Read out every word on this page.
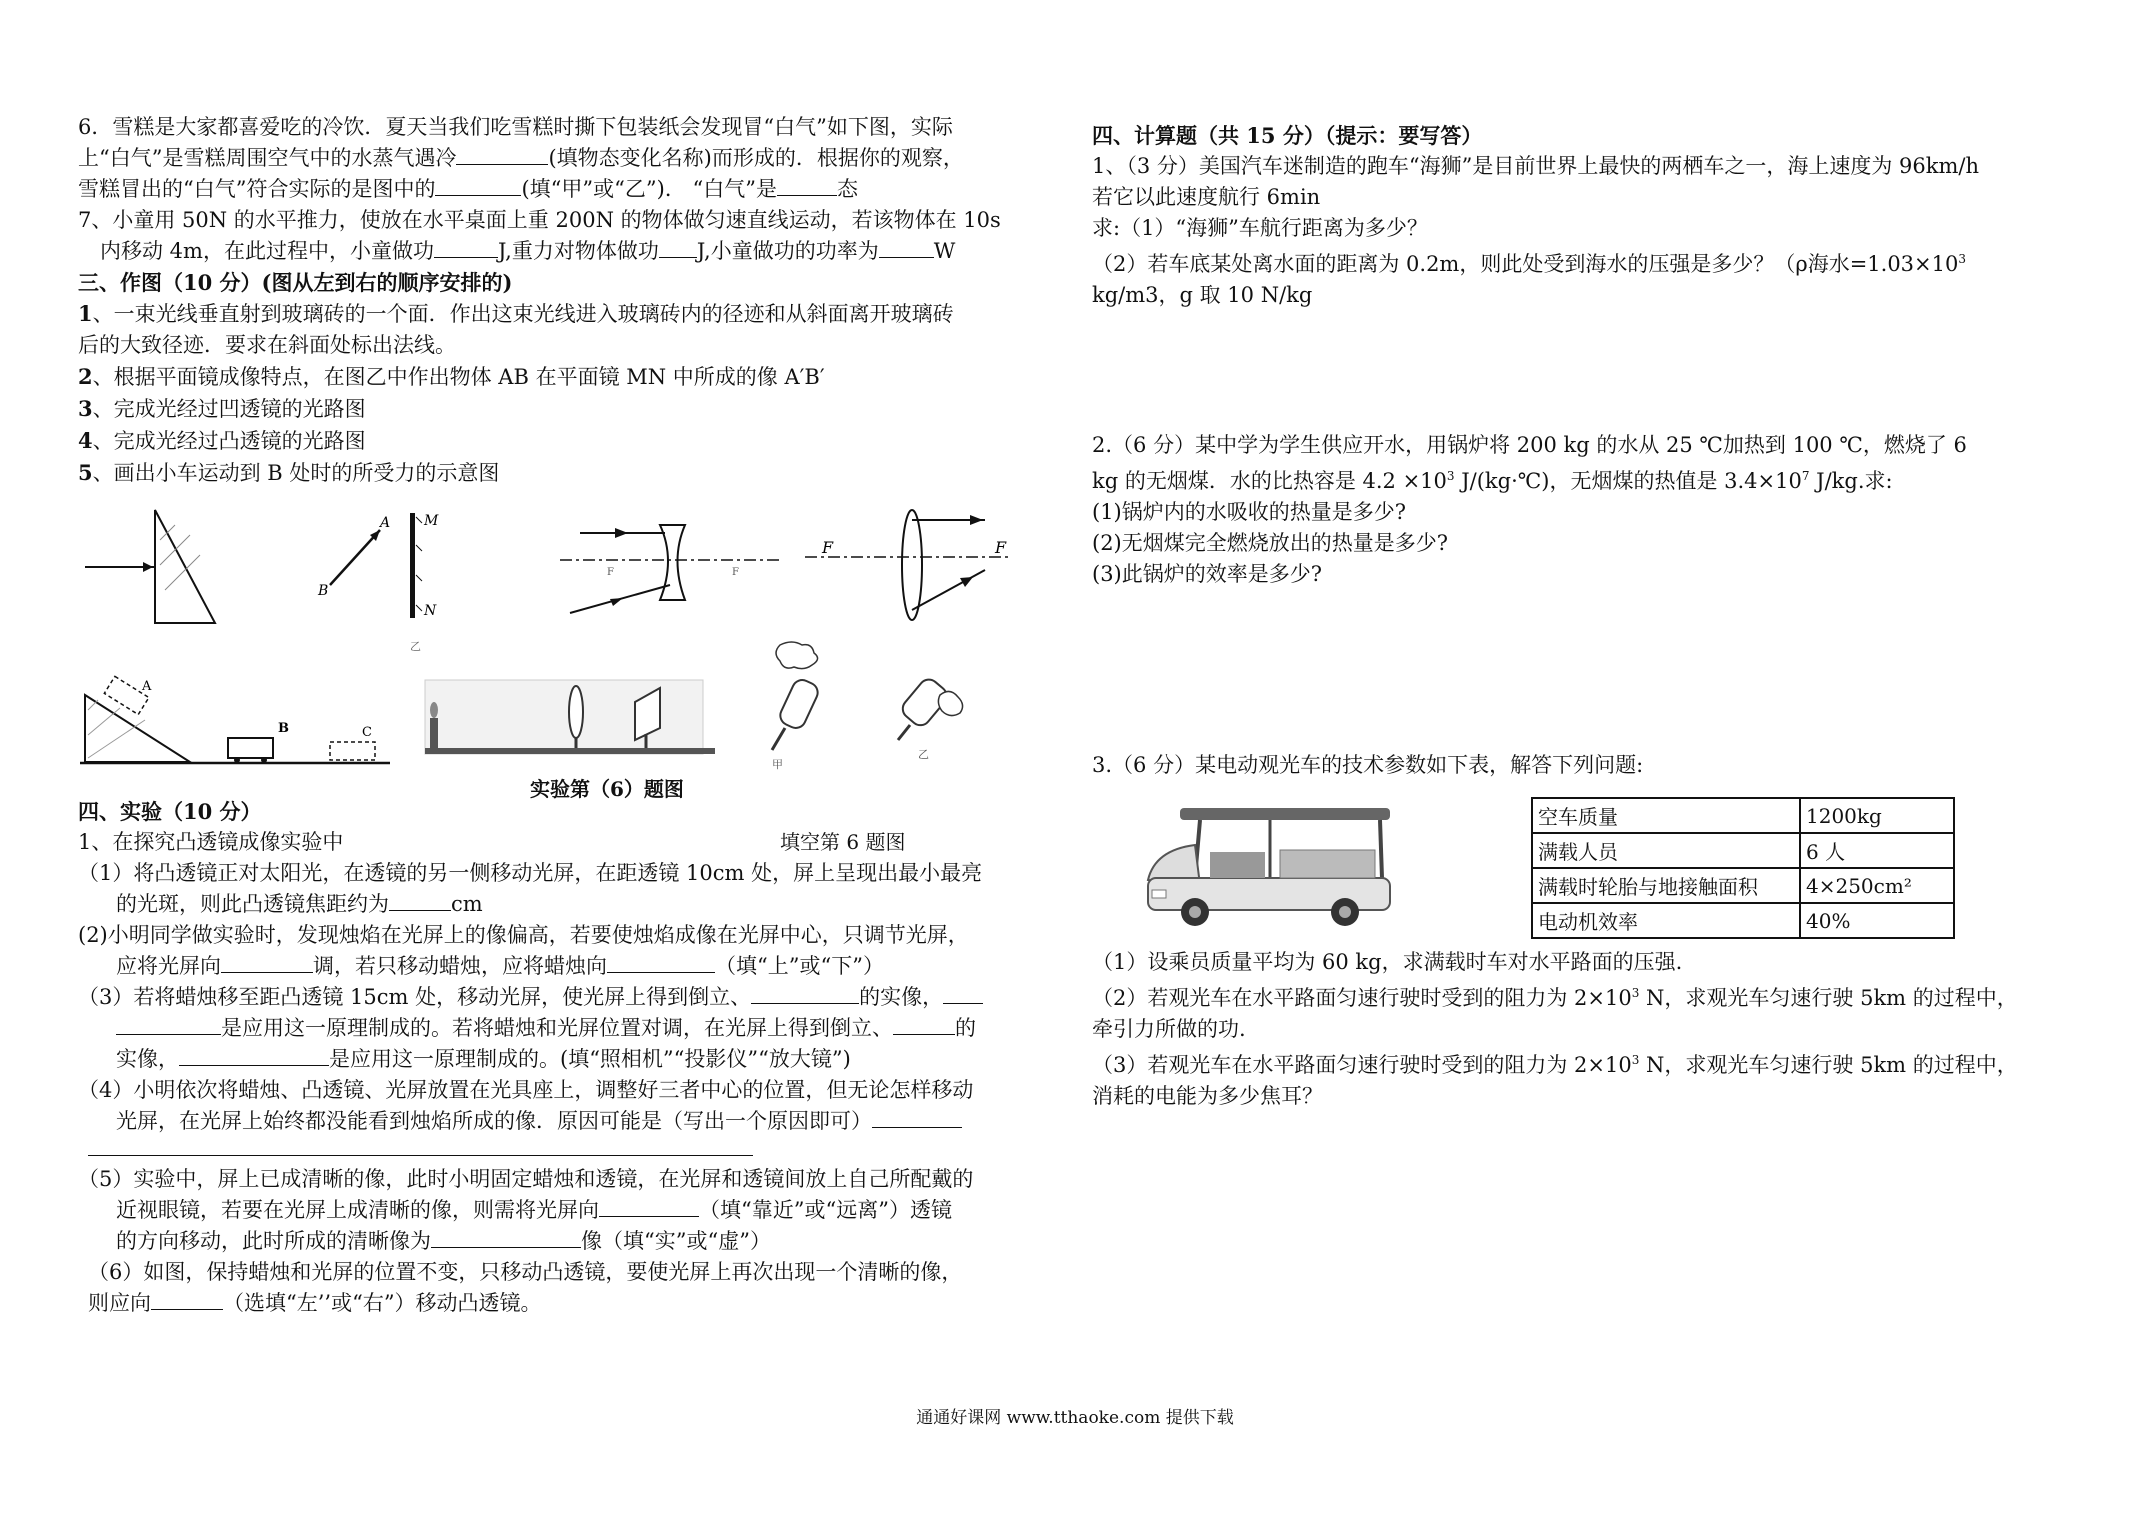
6．雪糕是大家都喜爱吃的冷饮．夏天当我们吃雪糕时撕下包装纸会发现冒“白气”如下图，实际

上“白气”是雪糕周围空气中的水蒸气遇冷	(填物态变化名称)而形成的．根据你的观察，

雪糕冒出的“白气”符合实际的是图中的	(填“甲”或“乙”)． “白气”是	态

7、小童用 50N 的水平推力，使放在水平桌面上重 200N 的物体做匀速直线运动，若该物体在 10s

内移动 4m，在此过程中，小童做功	J,重力对物体做功 J,小童做功的功率为	W

三、作图（10 分）(图从左到右的顺序安排的)

1、一束光线垂直射到玻璃砖的一个面．作出这束光线进入玻璃砖内的径迹和从斜面离开玻璃砖

后的大致径迹．要求在斜面处标出法线。

2、根据平面镜成像特点，在图乙中作出物体 AB 在平面镜 MN 中所成的像 A′B′

3、完成光经过凹透镜的光路图

4、完成光经过凸透镜的光路图

5、画出小车运动到 B 处时的所受力的示意图

A
B
M
N
乙
F	F
F	F
A
B	C
甲
乙
实验第（6）题图
填空第 6 题图

四、实验（10 分）

1、在探究凸透镜成像实验中

（1）将凸透镜正对太阳光，在透镜的另一侧移动光屏，在距透镜 10cm 处，屏上呈现出最小最亮

的光斑，则此凸透镜焦距约为	cm

(2)小明同学做实验时，发现烛焰在光屏上的像偏高，若要使烛焰成像在光屏中心，只调节光屏，

应将光屏向	调，若只移动蜡烛，应将蜡烛向	（填“上”或“下”）

（3）若将蜡烛移至距凸透镜 15cm 处，移动光屏，使光屏上得到倒立、	的实像，

是应用这一原理制成的。若将蜡烛和光屏位置对调，在光屏上得到倒立、	的

实像，	是应用这一原理制成的。(填“照相机”“投影仪”“放大镜”)

（4）小明依次将蜡烛、凸透镜、光屏放置在光具座上，调整好三者中心的位置，但无论怎样移动

光屏，在光屏上始终都没能看到烛焰所成的像．原因可能是（写出一个原因即可）

（5）实验中，屏上已成清晰的像，此时小明固定蜡烛和透镜，在光屏和透镜间放上自己所配戴的

近视眼镜，若要在光屏上成清晰的像，则需将光屏向	（填“靠近”或“远离”）透镜

的方向移动，此时所成的清晰像为	像（填“实”或“虚”）

（6）如图，保持蜡烛和光屏的位置不变，只移动凸透镜，要使光屏上再次出现一个清晰的像，

则应向	（选填“左’’或“右”）移动凸透镜。

四、计算题（共 15 分）（提示：要写答）

1、（3 分）美国汽车迷制造的跑车“海狮”是目前世界上最快的两栖车之一，海上速度为 96km/h

若它以此速度航行 6min

求:（1）“海狮”车航行距离为多少？

（2）若车底某处离水面的距离为 0.2m，则此处受到海水的压强是多少？（ρ海水$=1.03\times 10^3$

kg/m3，g 取 10 N/kg

2.（6 分）某中学为学生供应开水，用锅炉将 200 kg 的水从 25 ℃加热到 100 ℃，燃烧了 6

kg 的无烟煤．水的比热容是 $4.2 \times 10^3$ J/(kg·℃)，无烟煤的热值是 $3.4\times 10^7$ J/kg.求:

(1)锅炉内的水吸收的热量是多少?

(2)无烟煤完全燃烧放出的热量是多少?

(3)此锅炉的效率是多少?

3.（6 分）某电动观光车的技术参数如下表，解答下列问题:

空车质量	1200kg
满载人员	6 人
满载时轮胎与地接触面积	4×250cm²
电动机效率	40%

（1）设乘员质量平均为 60 kg，求满载时车对水平路面的压强.

（2）若观光车在水平路面匀速行驶时受到的阻力为 $2\times 10^3$ N，求观光车匀速行驶 5km 的过程中，

牵引力所做的功.

（3）若观光车在水平路面匀速行驶时受到的阻力为 $2\times 10^3$ N，求观光车匀速行驶 5km 的过程中，

消耗的电能为多少焦耳？

通通好课网 www.tthaoke.com 提供下载
